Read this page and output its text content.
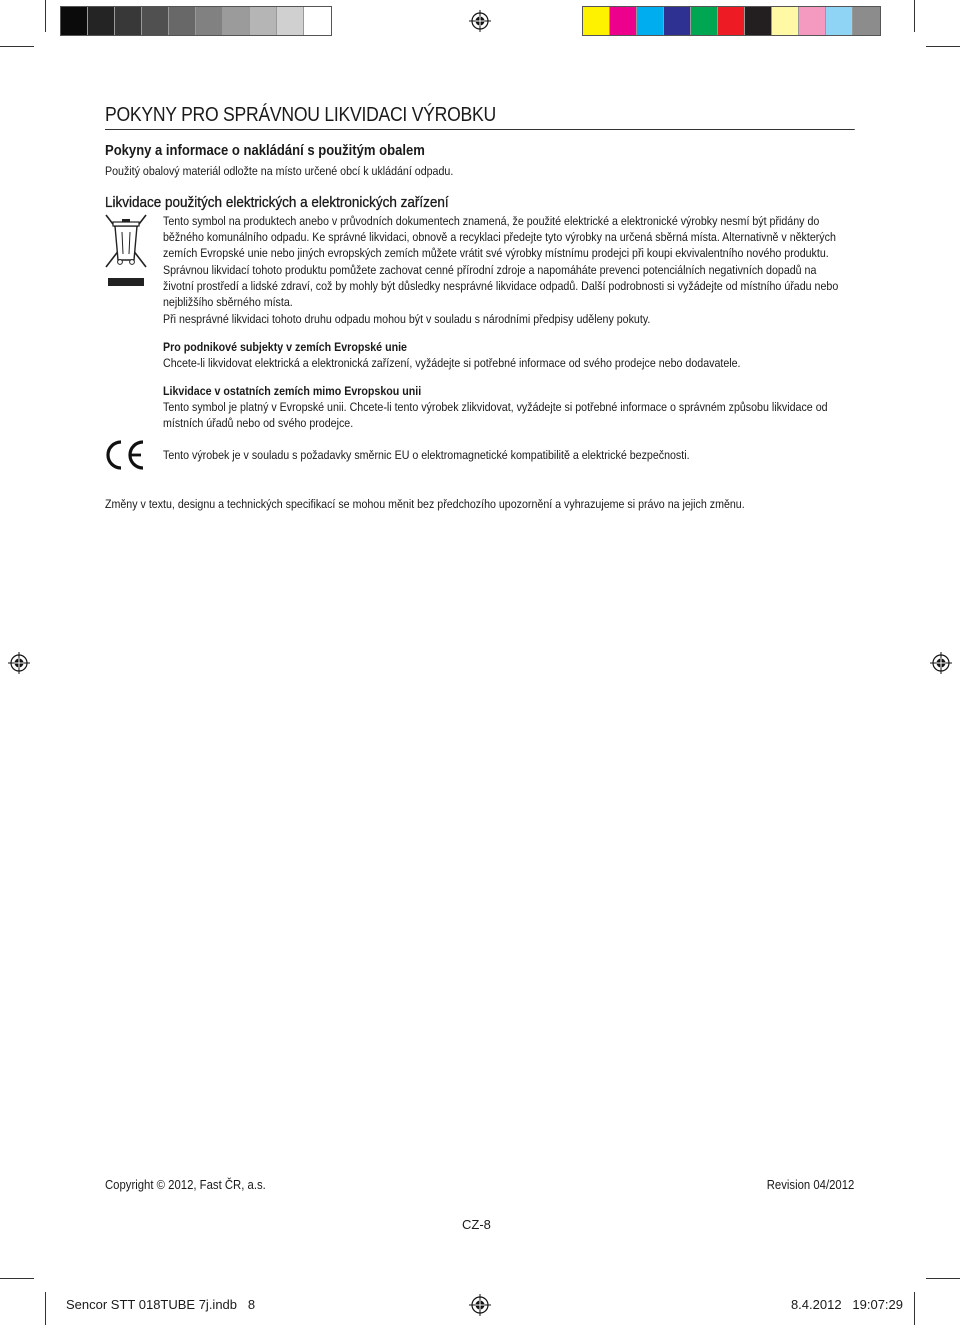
POKYNY PRO SPRÁVNOU LIKVIDACI VÝROBKU
Pokyny a informace o nakládání s použitým obalem
Použitý obalový materiál odložte na místo určené obcí k ukládání odpadu.
Likvidace použitých elektrických a elektronických zařízení
Tento symbol na produktech anebo v průvodních dokumentech znamená, že použité elektrické a elektronické výrobky nesmí být přidány do běžného komunálního odpadu. Ke správné likvidaci, obnově a recyklaci předejte tyto výrobky na určená sběrná místa. Alternativně v některých zemích Evropské unie nebo jiných evropských zemích můžete vrátit své výrobky místnímu prodejci při koupi ekvivalentního nového produktu. Správnou likvidací tohoto produktu pomůžete zachovat cenné přírodní zdroje a napomáháte prevenci potenciálních negativních dopadů na životní prostředí a lidské zdraví, což by mohly být důsledky nesprávné likvidace odpadů. Další podrobnosti si vyžádejte od místního úřadu nebo nejbližšího sběrného místa.
Při nesprávné likvidaci tohoto druhu odpadu mohou být v souladu s národními předpisy uděleny pokuty.
Pro podnikové subjekty v zemích Evropské unie
Chcete-li likvidovat elektrická a elektronická zařízení, vyžádejte si potřebné informace od svého prodejce nebo dodavatele.
Likvidace v ostatních zemích mimo Evropskou unii
Tento symbol je platný v Evropské unii. Chcete-li tento výrobek zlikvidovat, vyžádejte si potřebné informace o správném způsobu likvidace od místních úřadů nebo od svého prodejce.
Tento výrobek je v souladu s požadavky směrnic EU o elektromagnetické kompatibilitě a elektrické bezpečnosti.
Změny v textu, designu a technických specifikací se mohou měnit bez předchozího upozornění a vyhrazujeme si právo na jejich změnu.
Copyright © 2012, Fast ČR, a.s.	Revision 04/2012
CZ-8
Sencor STT 018TUBE 7j.indb   8	8.4.2012   19:07:29
